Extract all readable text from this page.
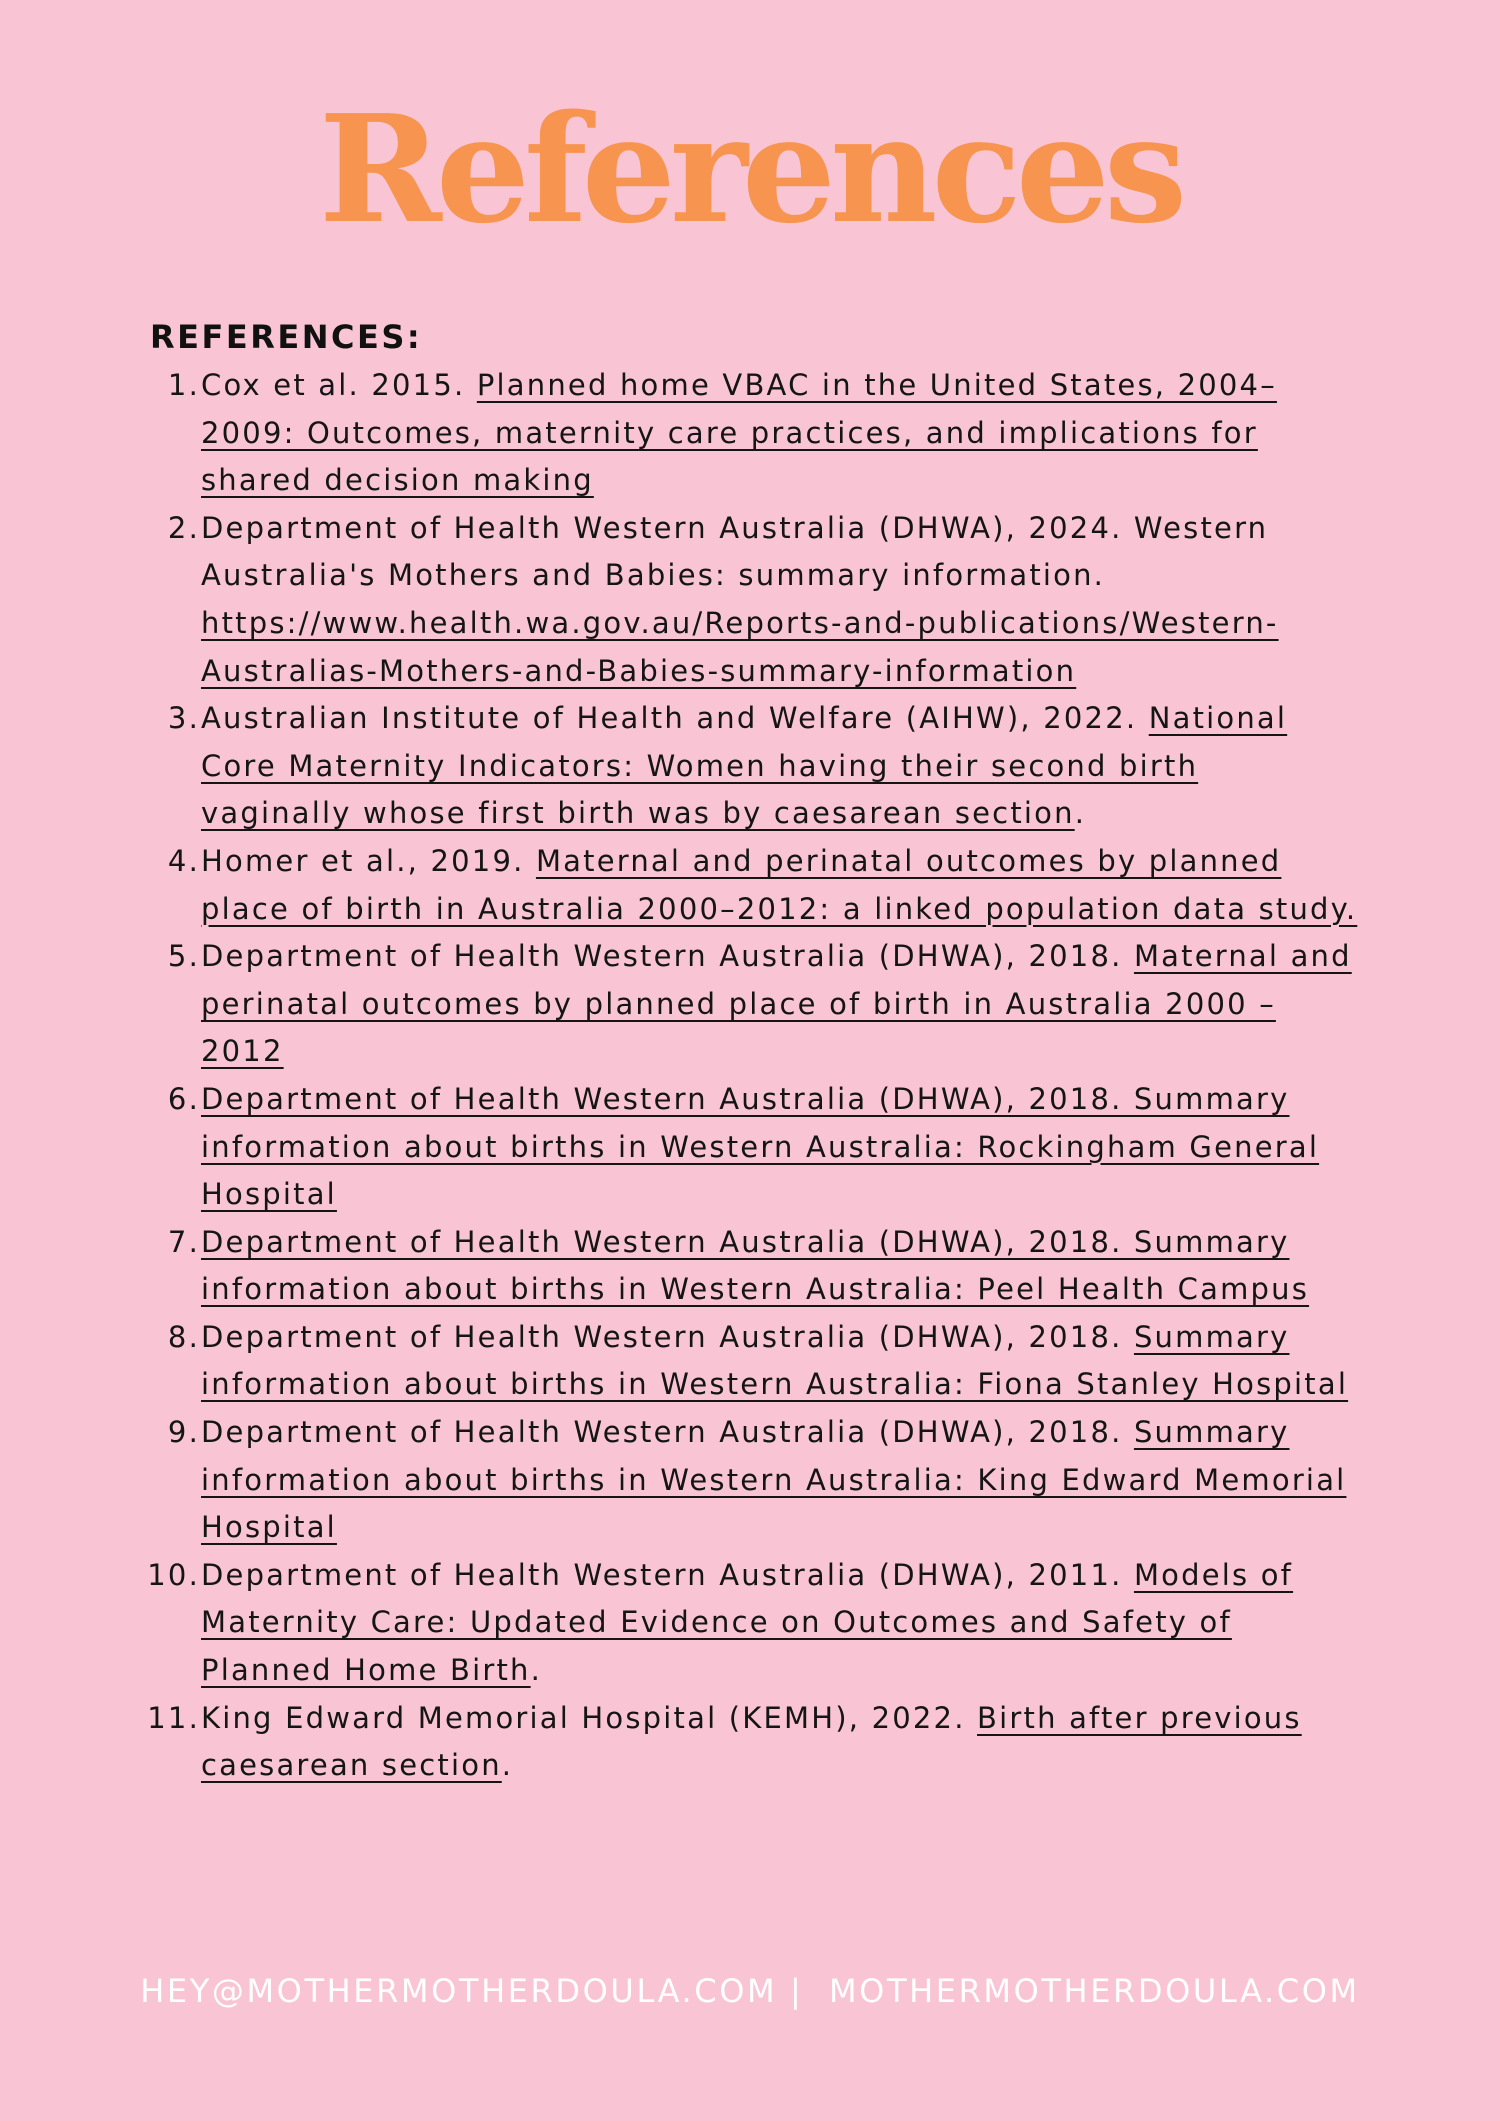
References
REFERENCES:
1. Cox et al. 2015. Planned home VBAC in the United States, 2004–2009: Outcomes, maternity care practices, and implications for shared decision making
2. Department of Health Western Australia (DHWA), 2024. Western Australia's Mothers and Babies: summary information. https://www.health.wa.gov.au/Reports-and-publications/Western-Australias-Mothers-and-Babies-summary-information
3. Australian Institute of Health and Welfare (AIHW), 2022. National Core Maternity Indicators: Women having their second birth vaginally whose first birth was by caesarean section.
4. Homer et al., 2019. Maternal and perinatal outcomes by planned place of birth in Australia 2000–2012: a linked population data study.
5. Department of Health Western Australia (DHWA), 2018. Maternal and perinatal outcomes by planned place of birth in Australia 2000 – 2012
6. Department of Health Western Australia (DHWA), 2018. Summary information about births in Western Australia: Rockingham General Hospital
7. Department of Health Western Australia (DHWA), 2018. Summary information about births in Western Australia: Peel Health Campus
8. Department of Health Western Australia (DHWA), 2018. Summary information about births in Western Australia: Fiona Stanley Hospital
9. Department of Health Western Australia (DHWA), 2018. Summary information about births in Western Australia: King Edward Memorial Hospital
10. Department of Health Western Australia (DHWA), 2011. Models of Maternity Care: Updated Evidence on Outcomes and Safety of Planned Home Birth.
11. King Edward Memorial Hospital (KEMH), 2022. Birth after previous caesarean section.
HEY@MOTHERMOTHERDOULA.COM |  MOTHERMOTHERDOULA.COM
